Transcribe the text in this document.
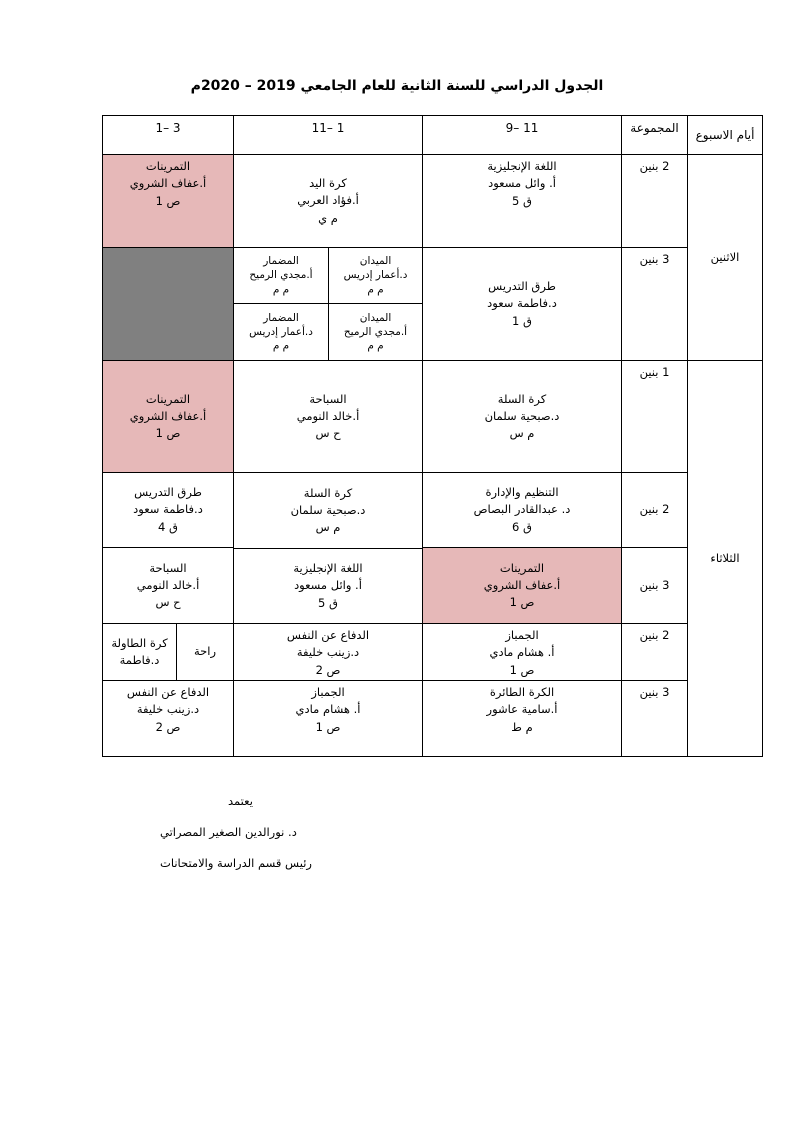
الجدول الدراسي للسنة الثانية للعام الجامعي 2019 – 2020م
أيام الاسبوع
المجموعة
9– 11
11– 1
1– 3
الاثنين
الثلاثاء
2 بنين
اللغة الإنجليزية
أ. وائل مسعود
ق 5
كرة اليد
أ.فؤاد العربي
م ي
التمرينات
أ.عفاف الشروي
ص 1
3 بنين
طرق التدريس
د.فاطمة سعود
ق 1
الميدان
د.أعمار إدريس
م م
المضمار
أ.مجدي الرميح
م م
الميدان
أ.مجدي الرميح
م م
المضمار
د.أعمار إدريس
م م
1 بنين
كرة السلة
د.صبحية سلمان
م س
السباحة
أ.خالد النومي
ح س
التمرينات
أ.عفاف الشروي
ص 1
2 بنين
التنظيم والإدارة
د. عبدالقادر البصاص
ق 6
كرة السلة
د.صبحية سلمان
م س
اللغة الإنجليزية
أ. وائل مسعود
ق 5
طرق التدريس
د.فاطمة سعود
ق 4
3 بنين
التمرينات
أ.عفاف الشروي
ص 1
السباحة
أ.خالد النومي
ح س
2 بنين
الجمباز
أ. هشام مادي
ص 1
الدفاع عن النفس
د.زينب خليفة
ص 2
راحة
كرة الطاولة
د.فاطمة
3 بنين
الكرة الطائرة
أ.سامية عاشور
م ط
الجمباز
أ. هشام مادي
ص 1
الدفاع عن النفس
د.زينب خليفة
ص 2
يعتمد
د. نورالدين الصغير المصراتي
رئيس قسم الدراسة والامتحانات
